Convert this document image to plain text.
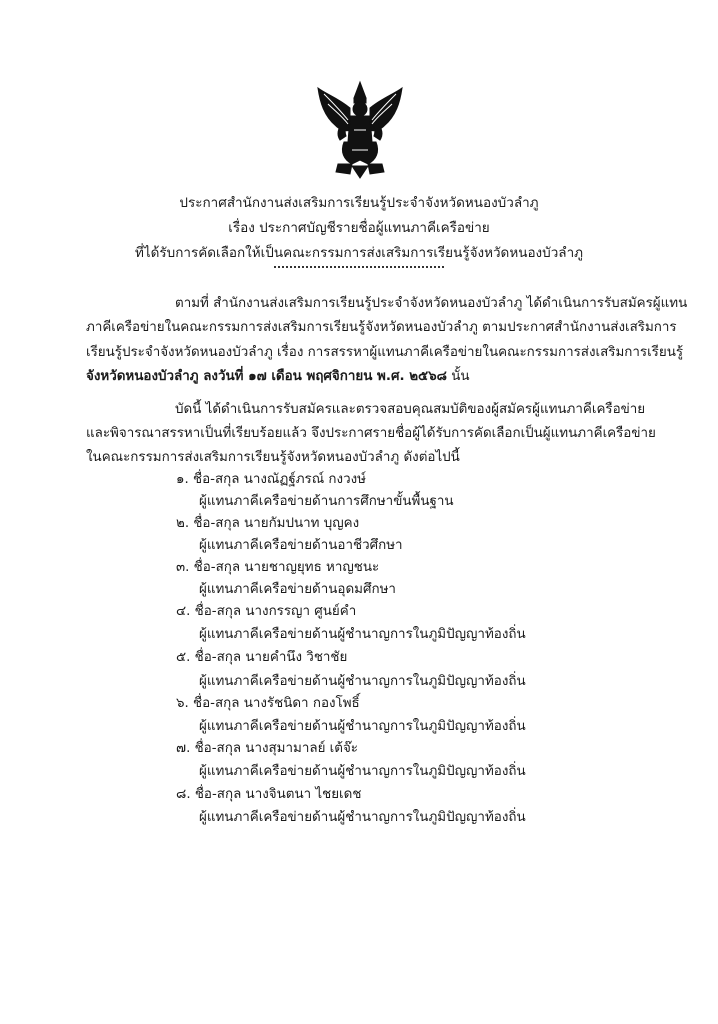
ประกาศสำนักงานส่งเสริมการเรียนรู้ประจำจังหวัดหนองบัวลำภู
เรื่อง ประกาศบัญชีรายชื่อผู้แทนภาคีเครือข่าย
ที่ได้รับการคัดเลือกให้เป็นคณะกรรมการส่งเสริมการเรียนรู้จังหวัดหนองบัวลำภู
ตามที่ สำนักงานส่งเสริมการเรียนรู้ประจำจังหวัดหนองบัวลำภู ได้ดำเนินการรับสมัครผู้แทน
ภาคีเครือข่ายในคณะกรรมการส่งเสริมการเรียนรู้จังหวัดหนองบัวลำภู ตามประกาศสำนักงานส่งเสริมการ
เรียนรู้ประจำจังหวัดหนองบัวลำภู เรื่อง การสรรหาผู้แทนภาคีเครือข่ายในคณะกรรมการส่งเสริมการเรียนรู้
จังหวัดหนองบัวลำภู ลงวันที่ ๑๗ เดือน พฤศจิกายน พ.ศ. ๒๕๖๘ นั้น
บัดนี้ ได้ดำเนินการรับสมัครและตรวจสอบคุณสมบัติของผู้สมัครผู้แทนภาคีเครือข่าย
และพิจารณาสรรหาเป็นที่เรียบร้อยแล้ว จึงประกาศรายชื่อผู้ได้รับการคัดเลือกเป็นผู้แทนภาคีเครือข่าย
ในคณะกรรมการส่งเสริมการเรียนรู้จังหวัดหนองบัวลำภู ดังต่อไปนี้
๑. ชื่อ-สกุล นางณัฏฐ์ภรณ์ กงวงษ์
ผู้แทนภาคีเครือข่ายด้านการศึกษาขั้นพื้นฐาน
๒. ชื่อ-สกุล นายกัมปนาท บุญคง
ผู้แทนภาคีเครือข่ายด้านอาชีวศึกษา
๓. ชื่อ-สกุล นายชาญยุทธ หาญชนะ
ผู้แทนภาคีเครือข่ายด้านอุดมศึกษา
๔. ชื่อ-สกุล นางกรรญา ศูนย์คำ
ผู้แทนภาคีเครือข่ายด้านผู้ชำนาญการในภูมิปัญญาท้องถิ่น
๕. ชื่อ-สกุล นายคำนึง วิชาชัย
ผู้แทนภาคีเครือข่ายด้านผู้ชำนาญการในภูมิปัญญาท้องถิ่น
๖. ชื่อ-สกุล นางรัชนิดา กองโพธิ์
ผู้แทนภาคีเครือข่ายด้านผู้ชำนาญการในภูมิปัญญาท้องถิ่น
๗. ชื่อ-สกุล นางสุมามาลย์ เต้จ๊ะ
ผู้แทนภาคีเครือข่ายด้านผู้ชำนาญการในภูมิปัญญาท้องถิ่น
๘. ชื่อ-สกุล นางจินตนา ไชยเดช
ผู้แทนภาคีเครือข่ายด้านผู้ชำนาญการในภูมิปัญญาท้องถิ่น
